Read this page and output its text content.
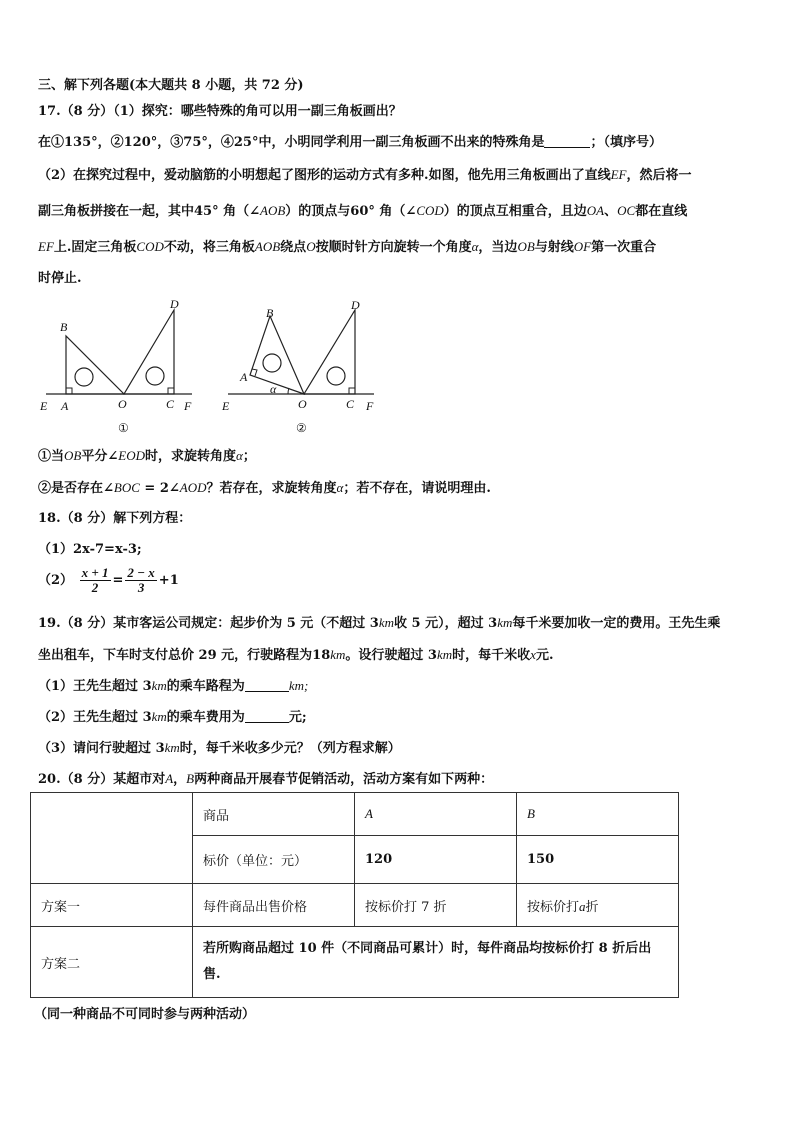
三、解下列各题(本大题共 8 小题，共 72 分)
17.（8 分）（1）探究：哪些特殊的角可以用一副三角板画出？
在①135°，②120°，③75°，④25°中，小明同学利用一副三角板画不出来的特殊角是	；（填序号）
（2）在探究过程中，爱动脑筋的小明想起了图形的运动方式有多种.如图，他先用三角板画出了直线EF，然后将一
副三角板拼接在一起，其中45° 角（∠AOB）的顶点与60° 角（∠COD）的顶点互相重合，且边OA、OC都在直线
EF上.固定三角板COD不动，将三角板AOB绕点O按顺时针方向旋转一个角度α，当边OB与射线OF第一次重合
时停止.
B
D
E A	O	C F
①
B
D
A
α
E	O	C F
②
①当OB平分∠EOD时，求旋转角度α；
②是否存在∠BOC = 2∠AOD？若存在，求旋转角度α；若不存在，请说明理由.
18.（8 分）解下列方程：
（1）2x-7=x-3;
$(2) \frac{x + 1}{2} = \frac{2 - x}{3} +1$
19.（8 分）某市客运公司规定：起步价为 5 元（不超过 3km收 5 元），超过 3km每千米要加收一定的费用。王先生乘
坐出租车，下车时支付总价 29 元，行驶路程为18km。设行驶超过 3km时，每千米收x元.
（1）王先生超过 3km的乘车路程为	km;
（2）王先生超过 3km的乘车费用为	元;
（3）请问行驶超过 3km时，每千米收多少元？（列方程求解）
20.（8 分）某超市对A，B两种商品开展春节促销活动，活动方案有如下两种：
	商品	A	B
	标价（单位：元）	120	150
方案一	每件商品出售价格	按标价打 7 折	按标价打a折
方案二	若所购商品超过 10 件（不同商品可累计）时，每件商品均按标价打 8 折后出
售.		
（同一种商品不可同时参与两种活动）
